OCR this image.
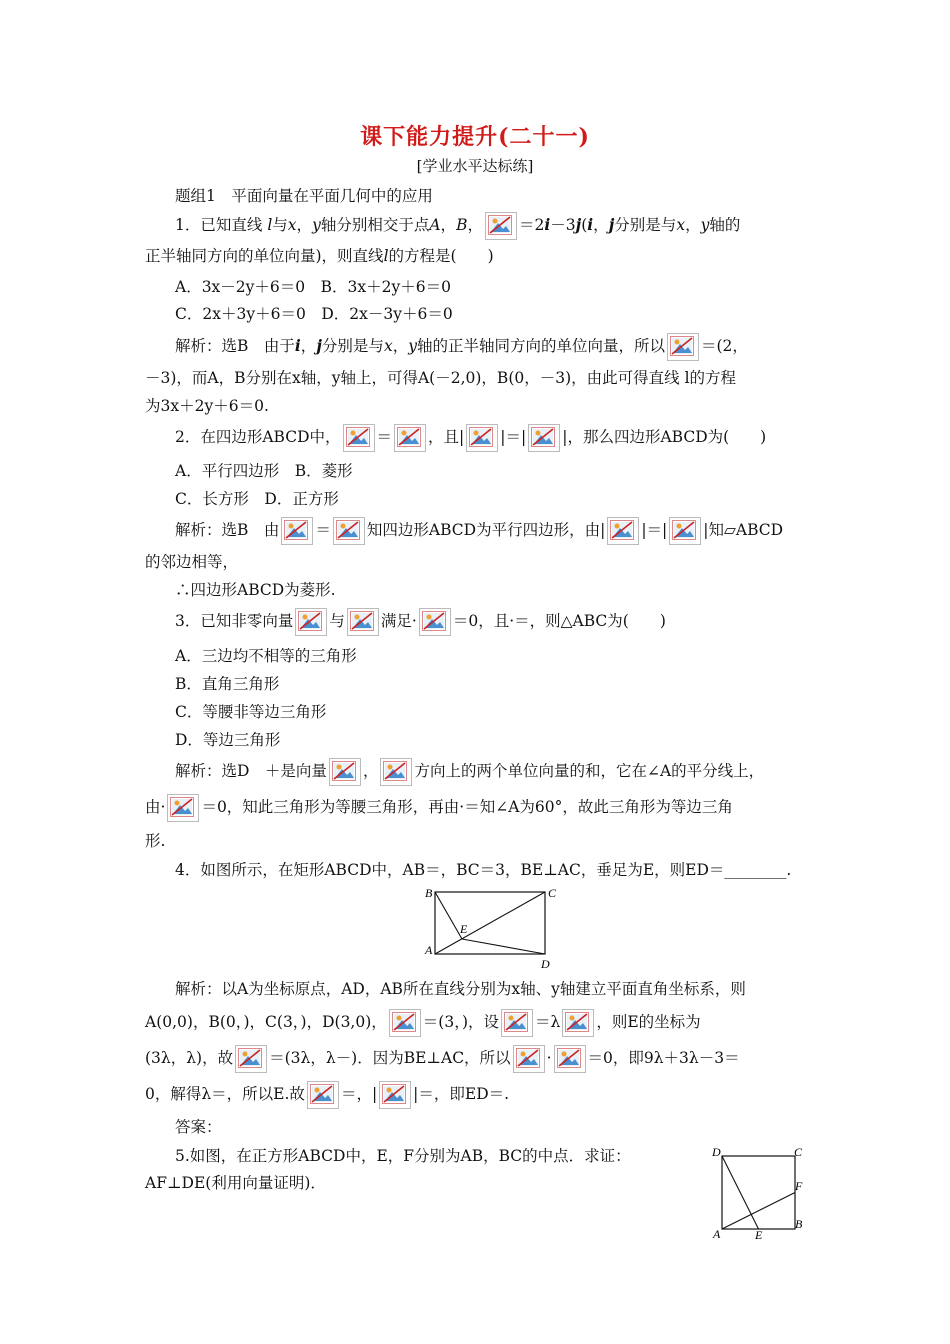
课下能力提升(二十一)
[学业水平达标练]
题组1　平面向量在平面几何中的应用
1．已知直线 l与x，y轴分别相交于点A，B， ＝2i－3j(i，j分别是与x，y轴的
正半轴同方向的单位向量)，则直线l的方程是(　　)
A．3x－2y＋6＝0　 B．3x＋2y＋6＝0
C．2x＋3y＋6＝0　 D．2x－3y＋6＝0
解析：选B　由于i，j分别是与x，y轴的正半轴同方向的单位向量，所以 ＝(2，
－3)，而A，B分别在x轴，y轴上，可得A(－2,0)，B(0，－3)，由此可得直线 l的方程
为3x＋2y＋6＝0.
2．在四边形ABCD中， ＝ ，且| |＝| |，那么四边形ABCD为(　　)
A．平行四边形　 B．菱形
C．长方形　 D．正方形
解析：选B　由 ＝ 知四边形ABCD为平行四边形，由| |＝| |知▱ABCD
的邻边相等，
∴四边形ABCD为菱形.
3．已知非零向量 与 满足· ＝0，且·＝，则△ABC为(　　)
A．三边均不相等的三角形
B．直角三角形
C．等腰非等边三角形
D．等边三角形
解析：选D　＋是向量 ， 方向上的两个单位向量的和，它在∠A的平分线上，
由· ＝0，知此三角形为等腰三角形，再由·＝知∠A为60°，故此三角形为等边三角
形.
4．如图所示，在矩形ABCD中，AB＝，BC＝3，BE⊥AC，垂足为E，则ED＝________.
B	C
A
D
E
解析：以A为坐标原点，AD，AB所在直线分别为x轴、y轴建立平面直角坐标系，则
A(0,0)，B(0，)，C(3，)，D(3,0)， ＝(3，)，设 ＝λ ，则E的坐标为
(3λ，λ)，故 ＝(3λ，λ－)．因为BE⊥AC，所以 · ＝0，即9λ＋3λ－3＝
0，解得λ＝，所以E.故 ＝，| |＝，即ED＝.
答案：
5.如图，在正方形ABCD中，E，F分别为AB，BC的中点．求证：
AF⊥DE(利用向量证明)．
D	C
F
A	E
B
